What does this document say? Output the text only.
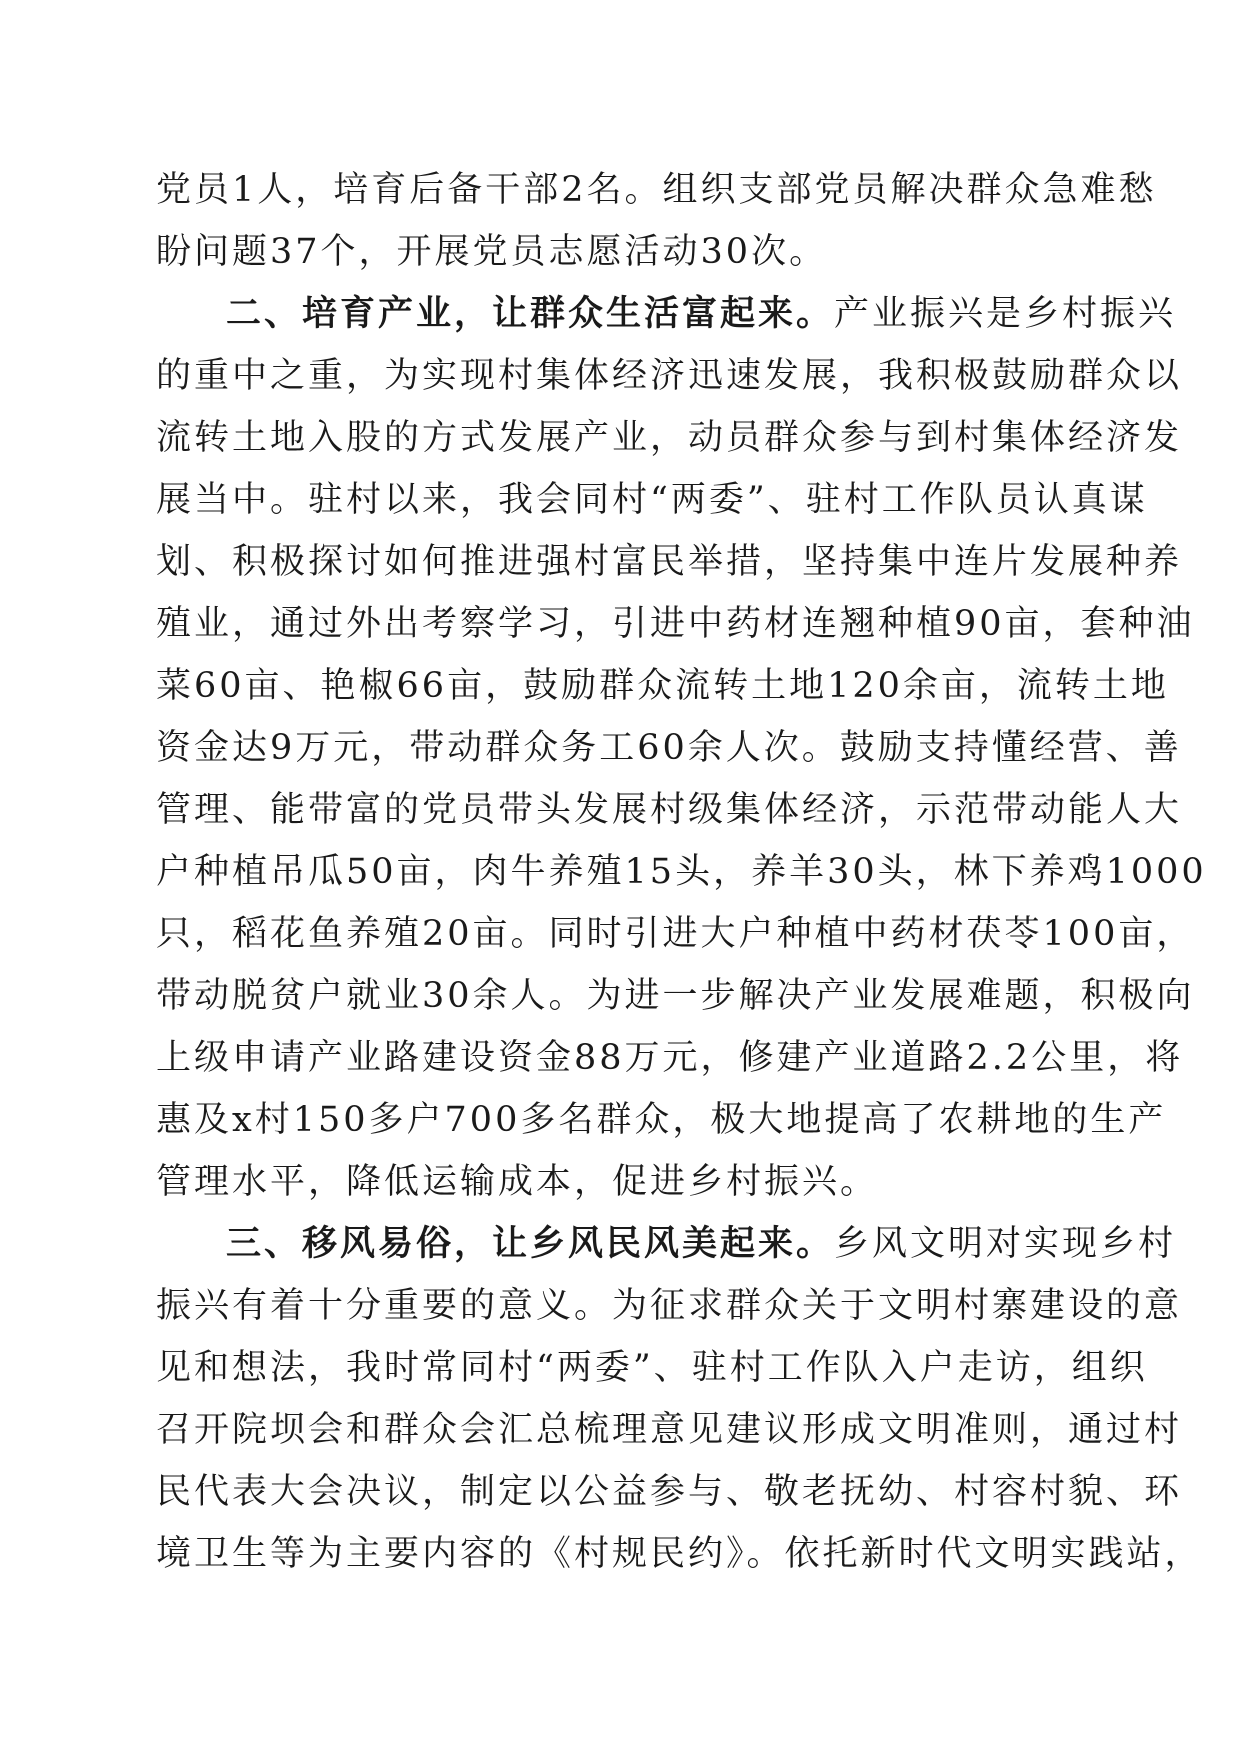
党员1人，培育后备干部2名。组织支部党员解决群众急难愁
盼问题37个，开展党员志愿活动30次。
二、培育产业，让群众生活富起来。产业振兴是乡村振兴
的重中之重，为实现村集体经济迅速发展，我积极鼓励群众以
流转土地入股的方式发展产业，动员群众参与到村集体经济发
展当中。驻村以来，我会同村“两委”、驻村工作队员认真谋
划、积极探讨如何推进强村富民举措，坚持集中连片发展种养
殖业，通过外出考察学习，引进中药材连翘种植90亩，套种油
菜60亩、艳椒66亩，鼓励群众流转土地120余亩，流转土地
资金达9万元，带动群众务工60余人次。鼓励支持懂经营、善
管理、能带富的党员带头发展村级集体经济，示范带动能人大
户种植吊瓜50亩，肉牛养殖15头，养羊30头，林下养鸡1000
只，稻花鱼养殖20亩。同时引进大户种植中药材茯苓100亩，
带动脱贫户就业30余人。为进一步解决产业发展难题，积极向
上级申请产业路建设资金88万元，修建产业道路2.2公里，将
惠及x村150多户700多名群众，极大地提高了农耕地的生产
管理水平，降低运输成本，促进乡村振兴。
三、移风易俗，让乡风民风美起来。乡风文明对实现乡村
振兴有着十分重要的意义。为征求群众关于文明村寨建设的意
见和想法，我时常同村“两委”、驻村工作队入户走访，组织
召开院坝会和群众会汇总梳理意见建议形成文明准则，通过村
民代表大会决议，制定以公益参与、敬老抚幼、村容村貌、环
境卫生等为主要内容的《村规民约》。依托新时代文明实践站，
